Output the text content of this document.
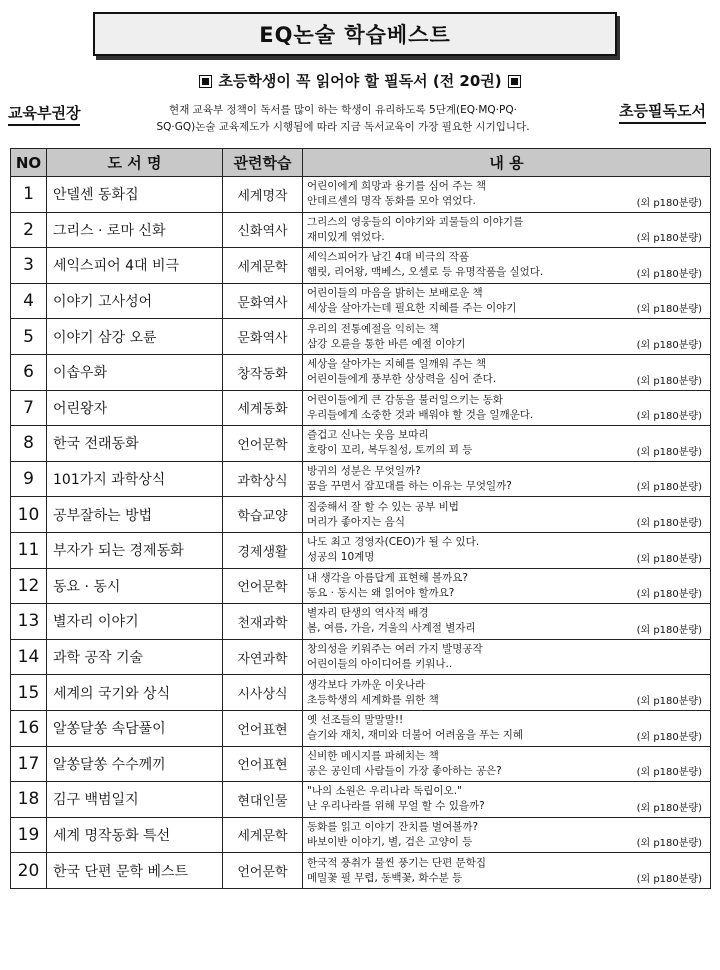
EQ논술 학습베스트
초등학생이 꼭 읽어야 할 필독서 (전 20권)
교육부권장	현재 교육부 정책이 독서를 많이 하는 학생이 유리하도록 5단계(EQ·MQ·PQ·
SQ·GQ)논술 교육제도가 시행됨에 따라 지금 독서교육이 가장 필요한 시기입니다.
초등필독도서
NO	도 서 명	관련학습	내 용
1	안델센 동화집	세계명작	어린이에게 희망과 용기를 심어 주는 책
안데르센의 명작 동화를 모아 엮었다. (외 p180분량)

2	그리스 · 로마 신화	신화역사	그리스의 영웅들의 이야기와 괴물들의 이야기를
재미있게 엮었다. (외 p180분량)

3	세익스피어 4대 비극	세계문학	세익스피어가 남긴 4대 비극의 작품
햄릿, 리어왕, 맥베스, 오셀로 등 유명작품을 실었다. (외 p180분량)

4	이야기 고사성어	문화역사	어린이들의 마음을 밝히는 보배로운 책
세상을 살아가는데 필요한 지혜를 주는 이야기 (외 p180분량)

5	이야기 삼강 오륜	문화역사	우리의 전통예절을 익히는 책
삼강 오륜을 통한 바른 예절 이야기 (외 p180분량)

6	이솝우화	창작동화	세상을 살아가는 지혜를 일깨워 주는 책
어린이들에게 풍부한 상상력을 심어 준다. (외 p180분량)

7	어린왕자	세계동화	어린이들에게 큰 감동을 불러일으키는 동화
우리들에게 소중한 것과 배워야 할 것을 일깨운다. (외 p180분량)

8	한국 전래동화	언어문학	즐겁고 신나는 웃음 보따리
호랑이 꼬리, 복두칠성, 토끼의 꾀 등 (외 p180분량)

9	101가지 과학상식	과학상식	방귀의 성분은 무엇일까?
꿈을 꾸면서 잠꼬대를 하는 이유는 무엇일까? (외 p180분량)

10	공부잘하는 방법	학습교양	집중해서 잘 할 수 있는 공부 비법
머리가 좋아지는 음식 (외 p180분량)

11	부자가 되는 경제동화	경제생활	나도 최고 경영자(CEO)가 될 수 있다.
성공의 10계명 (외 p180분량)

12	동요 · 동시	언어문학	내 생각을 아름답게 표현해 볼까요?
동요 · 동시는 왜 읽어야 할까요? (외 p180분량)

13	별자리 이야기	천재과학	별자리 탄생의 역사적 배경
봄, 여름, 가을, 겨울의 사계절 별자리 (외 p180분량)

14	과학 공작 기술	자연과학	창의성을 키워주는 여러 가지 발명공작
어린이들의 아이디어를 키워나..

15	세계의 국기와 상식	시사상식	생각보다 가까운 이웃나라
초등학생의 세계화를 위한 책 (외 p180분량)

16	알쏭달쏭 속담풀이	언어표현	옛 선조들의 말말말!!
슬기와 재치, 재미와 더불어 어려움을 푸는 지혜 (외 p180분량)

17	알쏭달쏭 수수께끼	언어표현	신비한 메시지를 파헤치는 책
공은 공인데 사람들이 가장 좋아하는 공은? (외 p180분량)

18	김구 백범일지	현대인물	"나의 소원은 우리나라 독립이오."
난 우리나라를 위해 무얼 할 수 있을까? (외 p180분량)

19	세계 명작동화 특선	세계문학	동화를 읽고 이야기 잔치를 벌여볼까?
바보이반 이야기, 별, 검은 고양이 등 (외 p180분량)

20	한국 단편 문학 베스트	언어문학	한국적 풍취가 물씬 풍기는 단편 문학집
메밀꽃 필 무렵, 동백꽃, 화수분 등 (외 p180분량)
